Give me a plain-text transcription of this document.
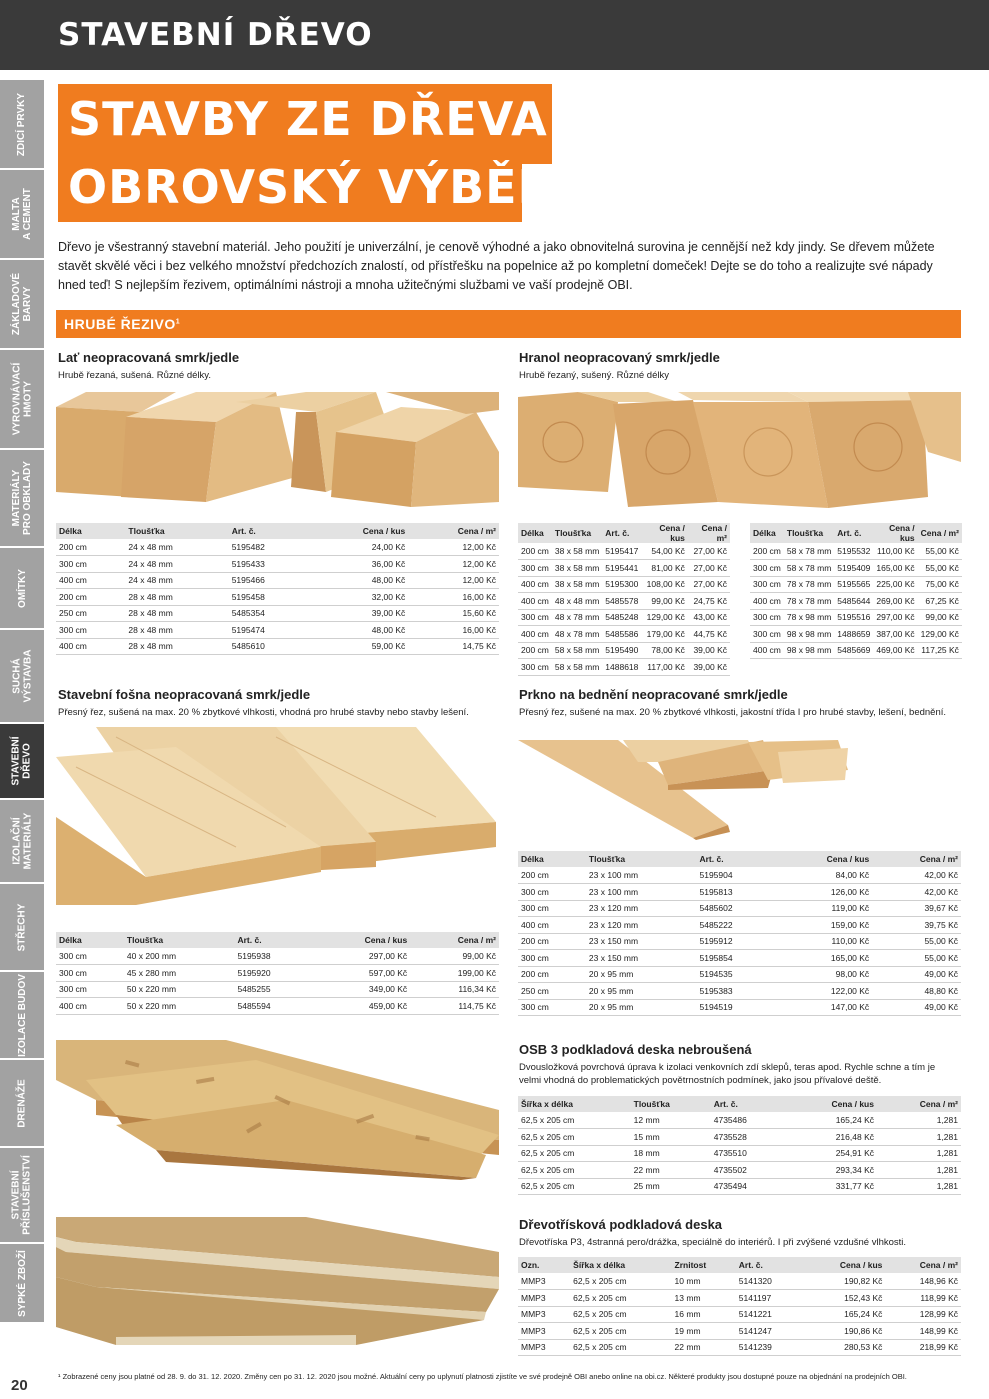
STAVEBNÍ DŘEVO
ZDICÍ PRVKY
MALTA
A CEMENT
ZÁKLADOVÉ
BARVY
VYROVNÁVACÍ
HMOTY
MATERIÁLY
PRO OBKLADY
OMÍTKY
SUCHÁ
VÝSTAVBA
STAVEBNÍ
DŘEVO
IZOLAČNÍ
MATERIÁLY
STŘECHY
IZOLACE BUDOV
DRENÁŽE
STAVEBNÍ
PŘÍSLUŠENSTVÍ
SYPKÉ ZBOŽÍ
20
STAVBY ZE DŘEVA –
OBROVSKÝ VÝBĚR!
Dřevo je všestranný stavební materiál. Jeho použití je univerzální, je cenově výhodné a jako obnovitelná surovina je cennější než kdy jindy. Se dřevem můžete stavět skvělé věci i bez velkého množství předchozích znalostí, od přístřešku na popelnice až po kompletní domeček! Dejte se do toho a realizujte své nápady hned teď! S nejlepším řezivem, optimálními nástroji a mnoha užitečnými službami ve vaší prodejně OBI.
HRUBÉ ŘEZIVO$^1$
Lať neopracovaná smrk/jedle
Hrubě řezaná, sušená. Různé délky.
Délka	Tloušťka	Art. č.	Cena / kus	Cena / m²
200 cm	24 x 48 mm	5195482	24,00 Kč	12,00 Kč
300 cm	24 x 48 mm	5195433	36,00 Kč	12,00 Kč
400 cm	24 x 48 mm	5195466	48,00 Kč	12,00 Kč
200 cm	28 x 48 mm	5195458	32,00 Kč	16,00 Kč
250 cm	28 x 48 mm	5485354	39,00 Kč	15,60 Kč
300 cm	28 x 48 mm	5195474	48,00 Kč	16,00 Kč
400 cm	28 x 48 mm	5485610	59,00 Kč	14,75 Kč
Hranol neopracovaný smrk/jedle
Hrubě řezaný, sušený. Různé délky
Délka	Tloušťka	Art. č.	Cena / kus	Cena / m²
200 cm	38 x 58 mm	5195417	54,00 Kč	27,00 Kč
300 cm	38 x 58 mm	5195441	81,00 Kč	27,00 Kč
400 cm	38 x 58 mm	5195300	108,00 Kč	27,00 Kč
400 cm	48 x 48 mm	5485578	99,00 Kč	24,75 Kč
300 cm	48 x 78 mm	5485248	129,00 Kč	43,00 Kč
400 cm	48 x 78 mm	5485586	179,00 Kč	44,75 Kč
200 cm	58 x 58 mm	5195490	78,00 Kč	39,00 Kč
300 cm	58 x 58 mm	1488618	117,00 Kč	39,00 Kč
Délka	Tloušťka	Art. č.	Cena / kus	Cena / m²
200 cm	58 x 78 mm	5195532	110,00 Kč	55,00 Kč
300 cm	58 x 78 mm	5195409	165,00 Kč	55,00 Kč
300 cm	78 x 78 mm	5195565	225,00 Kč	75,00 Kč
400 cm	78 x 78 mm	5485644	269,00 Kč	67,25 Kč
300 cm	78 x 98 mm	5195516	297,00 Kč	99,00 Kč
300 cm	98 x 98 mm	1488659	387,00 Kč	129,00 Kč
400 cm	98 x 98 mm	5485669	469,00 Kč	117,25 Kč
Stavební fošna neopracovaná smrk/jedle
Přesný řez, sušená na max. 20 % zbytkové vlhkosti, vhodná pro hrubé stavby nebo stavby lešení.
Délka	Tloušťka	Art. č.	Cena / kus	Cena / m²
300 cm	40 x 200 mm	5195938	297,00 Kč	99,00 Kč
300 cm	45 x 280 mm	5195920	597,00 Kč	199,00 Kč
300 cm	50 x 220 mm	5485255	349,00 Kč	116,34 Kč
400 cm	50 x 220 mm	5485594	459,00 Kč	114,75 Kč
Prkno na bednění neopracované smrk/jedle
Přesný řez, sušené na max. 20 % zbytkové vlhkosti, jakostní třída I pro hrubé stavby, lešení, bednění.
Délka	Tloušťka	Art. č.	Cena / kus	Cena / m²
200 cm	23 x 100 mm	5195904	84,00 Kč	42,00 Kč
300 cm	23 x 100 mm	5195813	126,00 Kč	42,00 Kč
300 cm	23 x 120 mm	5485602	119,00 Kč	39,67 Kč
400 cm	23 x 120 mm	5485222	159,00 Kč	39,75 Kč
200 cm	23 x 150 mm	5195912	110,00 Kč	55,00 Kč
300 cm	23 x 150 mm	5195854	165,00 Kč	55,00 Kč
200 cm	20 x 95 mm	5194535	98,00 Kč	49,00 Kč
250 cm	20 x 95 mm	5195383	122,00 Kč	48,80 Kč
300 cm	20 x 95 mm	5194519	147,00 Kč	49,00 Kč
OSB 3 podkladová deska nebroušená
Dvousložková povrchová úprava k izolaci venkovních zdí sklepů, teras apod. Rychle schne a tím je velmi vhodná do problematických povětrnostních podmínek, jako jsou přívalové deště.
Šířka x délka	Tloušťka	Art. č.	Cena / kus	Cena / m²
62,5 x 205 cm	12 mm	4735486	165,24 Kč	1,281
62,5 x 205 cm	15 mm	4735528	216,48 Kč	1,281
62,5 x 205 cm	18 mm	4735510	254,91 Kč	1,281
62,5 x 205 cm	22 mm	4735502	293,34 Kč	1,281
62,5 x 205 cm	25 mm	4735494	331,77 Kč	1,281
Dřevotřísková podkladová deska
Dřevotříska P3, 4stranná pero/drážka, speciálně do interiérů. I při zvýšené vzdušné vlhkosti.
Ozn.	Šířka x délka	Zrnitost	Art. č.	Cena / kus	Cena / m²
MMP3	62,5 x 205 cm	10 mm	5141320	190,82 Kč	148,96 Kč
MMP3	62,5 x 205 cm	13 mm	5141197	152,43 Kč	118,99 Kč
MMP3	62,5 x 205 cm	16 mm	5141221	165,24 Kč	128,99 Kč
MMP3	62,5 x 205 cm	19 mm	5141247	190,86 Kč	148,99 Kč
MMP3	62,5 x 205 cm	22 mm	5141239	280,53 Kč	218,99 Kč
¹ Zobrazené ceny jsou platné od 28. 9. do 31. 12. 2020. Změny cen po 31. 12. 2020 jsou možné. Aktuální ceny po uplynutí platnosti zjistíte ve své prodejně OBI anebo online na obi.cz. Některé produkty jsou dostupné pouze na objednání na prodejních OBI.
